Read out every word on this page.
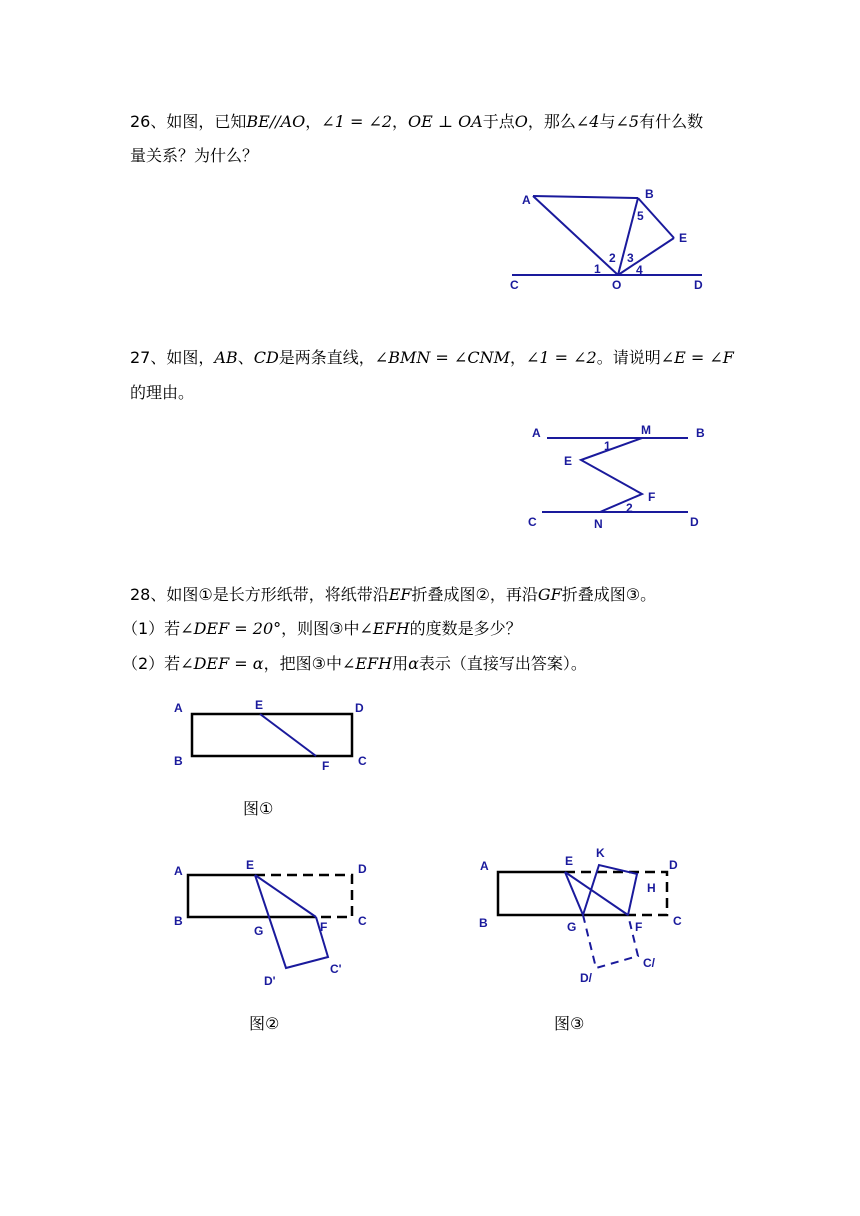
26、如图，已知BE//AO，∠1 = ∠2，OE ⊥ OA于点O，那么∠4与∠5有什么数
量关系？为什么？
A	B
E
C	O	D
1
2 3
4
5
27、如图，AB、CD是两条直线，∠BMN = ∠CNM，∠1 = ∠2。请说明∠E = ∠F
的理由。
A	M	B
E
F
C	N	D
1
2
28、如图①是长方形纸带，将纸带沿EF折叠成图②，再沿GF折叠成图③。
（1）若∠DEF = 20°，则图③中∠EFH的度数是多少？
（2）若∠DEF = α，把图③中∠EFH用α表示（直接写出答案）。
A	E	D
B	F C
图①
A	E	D
B	C
G	F
D'
C'
图②
A	E
K
D
H
B	G	F	C
D/
C/
图③
